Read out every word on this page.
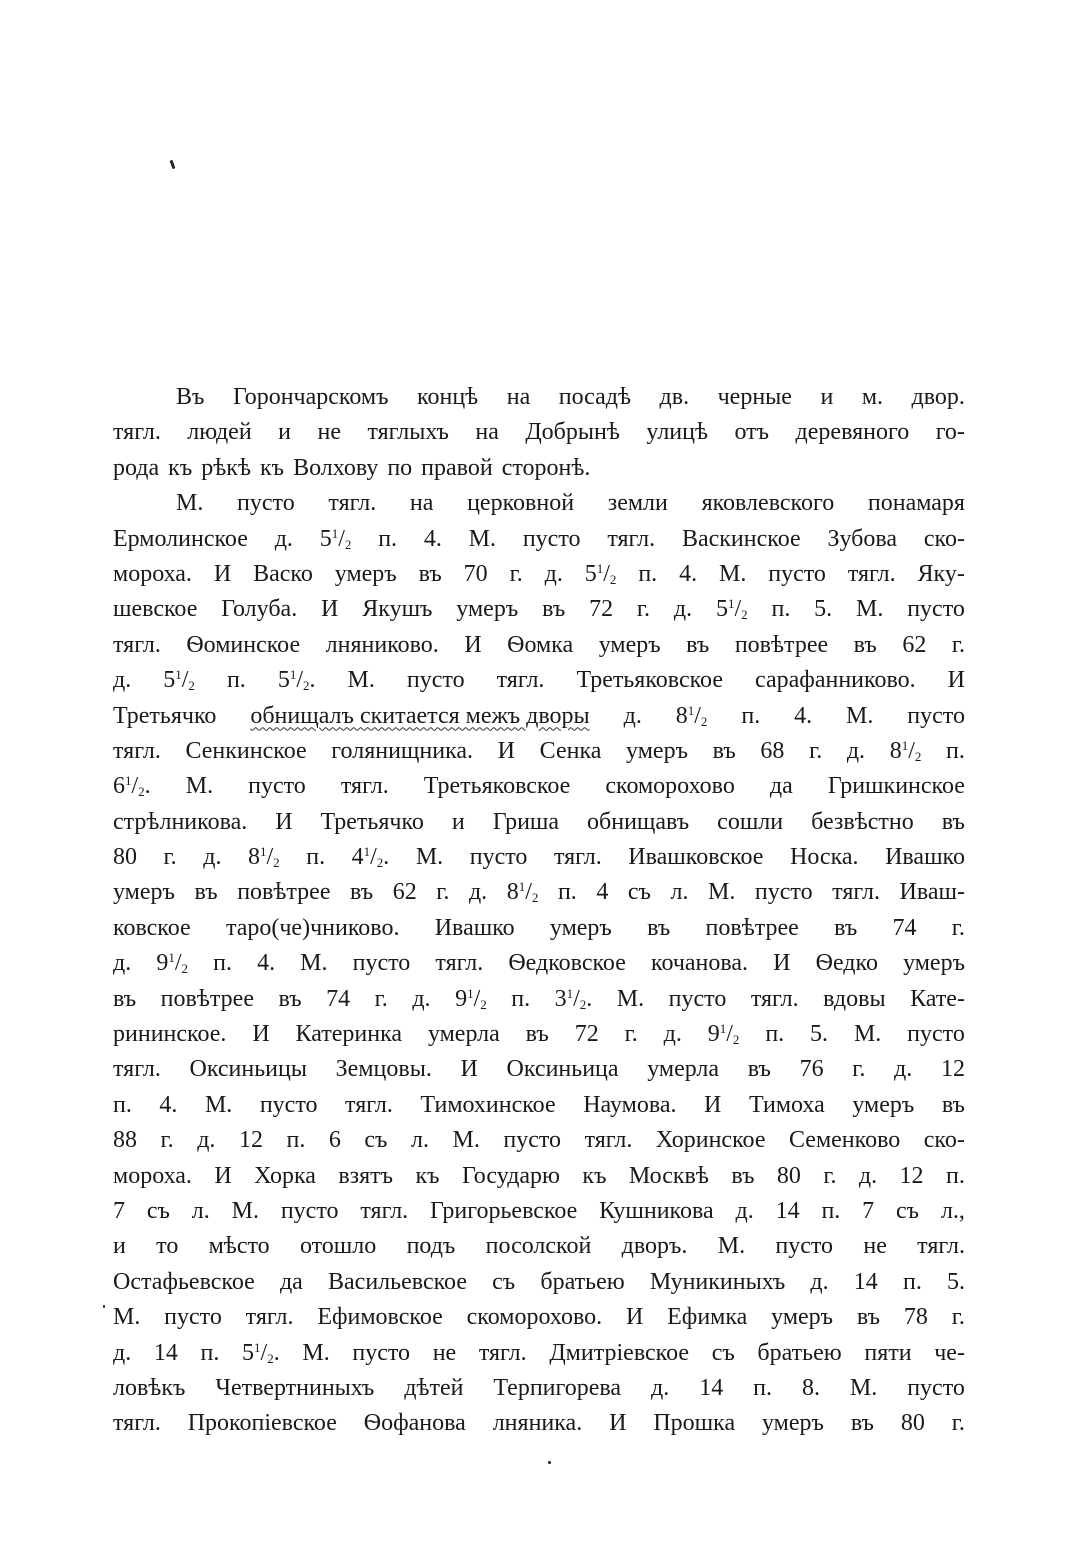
Въ Горончарскомъ концѣ на посадѣ дв. черные и м. двор.
тягл. людей и не тяглыхъ на Добрынѣ улицѣ отъ деревяного го-
рода къ рѣкѣ къ Волхову по правой сторонѣ.
М. пусто тягл. на церковной земли яковлевского понамаря
Ермолинское д. $5^1/_2$ п. 4. М. пусто тягл. Васкинское Зубова ско-
мороха. И Васко умеръ въ 70 г. д. $5^1/_2$ п. 4. М. пусто тягл. Яку-
шевское Голуба. И Якушъ умеръ въ 72 г. д. $5^1/_2$ п. 5. М. пусто
тягл. Ѳоминское лняниково. И Ѳомка умеръ въ повѣтрее въ 62 г.
д. $5^1/_2$ п. $5^1/_2$. М. пусто тягл. Третьяковское сарафанниково. И
Третьячко обнищалъ скитается межъ дворы д. $8^1/_2$ п. 4. М. пусто
тягл. Сенкинское голянищника. И Сенка умеръ въ 68 г. д. $8^1/_2$ п.
$6^1/_2$. М. пусто тягл. Третьяковское скоморохово да Гришкинское
стрѣлникова. И Третьячко и Гриша обнищавъ сошли безвѣстно въ
80 г. д. $8^1/_2$ п. $4^1/_2$. М. пусто тягл. Ивашковское Носка. Ивашко
умеръ въ повѣтрее въ 62 г. д. $8^1/_2$ п. 4 съ л. М. пусто тягл. Иваш-
ковское таро(че)чниково. Ивашко умеръ въ повѣтрее въ 74 г.
д. $9^1/_2$ п. 4. М. пусто тягл. Ѳедковское кочанова. И Ѳедко умеръ
въ повѣтрее въ 74 г. д. $9^1/_2$ п. $3^1/_2$. М. пусто тягл. вдовы Катe-
рининское. И Катеринка умерла въ 72 г. д. $9^1/_2$ п. 5. М. пусто
тягл. Оксиньицы Земцовы. И Оксиньица умерла въ 76 г. д. 12
п. 4. М. пусто тягл. Тимохинское Наумова. И Тимоха умеръ въ
88 г. д. 12 п. 6 съ л. М. пусто тягл. Хоринское Семенково ско-
мороха. И Хорка взятъ къ Государю къ Москвѣ въ 80 г. д. 12 п.
7 съ л. М. пусто тягл. Григорьевское Кушникова д. 14 п. 7 съ л.,
и то мѣсто отошло подъ посолской дворъ. М. пусто не тягл.
Остафьевское да Васильевское съ братьею Муникиныхъ д. 14 п. 5.
М. пусто тягл. Ефимовское скоморохово. И Ефимка умеръ въ 78 г.
д. 14 п. $5^1/_2$. М. пусто не тягл. Дмитріевское съ братьею пяти че-
ловѣкъ Четвертниныхъ дѣтей Терпигорева д. 14 п. 8. М. пусто
тягл. Прокопіевское Ѳофанова лняника. И Прошка умеръ въ 80 г.
